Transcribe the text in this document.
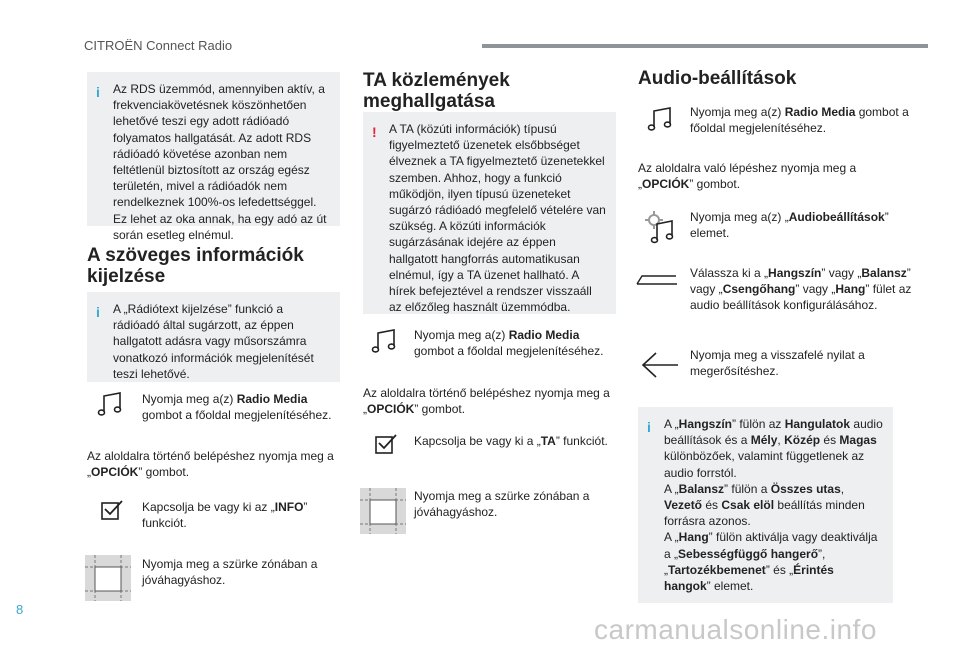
CITROËN Connect Radio
i	Az RDS üzemmód, amennyiben aktív, a frekvenciakövetésnek köszönhetően lehetővé teszi egy adott rádióadó folyamatos hallgatását. Az adott RDS rádióadó követése azonban nem feltétlenül biztosított az ország egész területén, mivel a rádióadók nem rendelkeznek 100%-os lefedettséggel. Ez lehet az oka annak, ha egy adó az út során esetleg elnémul.
A szöveges információk kijelzése
i	A „Rádiótext kijelzése” funkció a rádióadó által sugárzott, az éppen hallgatott adásra vagy műsorszámra vonatkozó információk megjelenítését teszi lehetővé.
Nyomja meg a(z) Radio Media gombot a főoldal megjelenítéséhez.
Az aloldalra történő belépéshez nyomja meg a „OPCIÓK” gombot.
Kapcsolja be vagy ki az „INFO” funkciót.
Nyomja meg a szürke zónában a jóváhagyáshoz.
TA közlemények meghallgatása
!	A TA (közúti információk) típusú figyelmeztető üzenetek elsőbbséget élveznek a TA figyelmeztető üzenetekkel szemben. Ahhoz, hogy a funkció működjön, ilyen típusú üzeneteket sugárzó rádióadó megfelelő vételére van szükség. A közúti információk sugárzásának idejére az éppen hallgatott hangforrás automatikusan elnémul, így a TA üzenet hallható. A hírek befejeztével a rendszer visszaáll az előzőleg használt üzemmódba.
Nyomja meg a(z) Radio Media gombot a főoldal megjelenítéséhez.
Az aloldalra történő belépéshez nyomja meg a „OPCIÓK” gombot.
Kapcsolja be vagy ki a „TA” funkciót.
Nyomja meg a szürke zónában a jóváhagyáshoz.
Audio-beállítások
Nyomja meg a(z) Radio Media gombot a főoldal megjelenítéséhez.
Az aloldalra való lépéshez nyomja meg a „OPCIÓK” gombot.
Nyomja meg a(z) „Audiobeállítások” elemet.
Válassza ki a „Hangszín” vagy „Balansz” vagy „Csengőhang” vagy „Hang” fület az audio beállítások konfigurálásához.
Nyomja meg a visszafelé nyilat a megerősítéshez.
i	A „Hangszín” fülön az Hangulatok audio beállítások és a Mély, Közép és Magas különbözőek, valamint függetlenek az audio forrstól.
A „Balansz” fülön a Összes utas, Vezető és Csak elöl beállítás minden forrásra azonos.
A „Hang” fülön aktiválja vagy deaktiválja a „Sebességfüggő hangerő”, „Tartozékbemenet” és „Érintés hangok” elemet.
8
carmanualsonline.info
